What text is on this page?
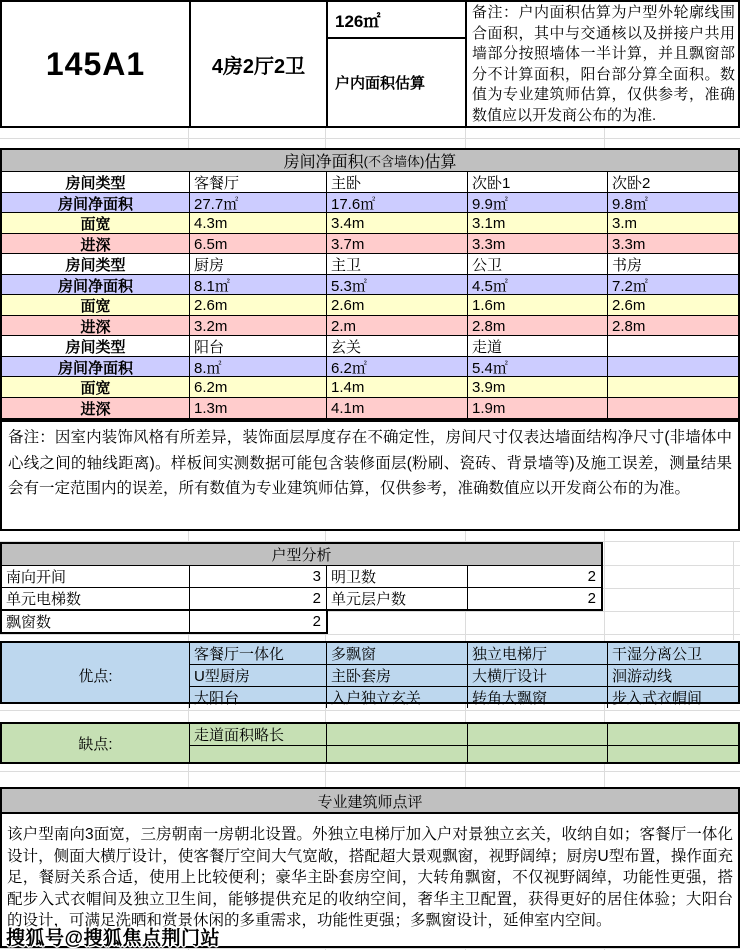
145A1	4房2厅2卫
126㎡
户内面积估算
备注：户内面积估算为户型外轮廓线围合面积，其中与交通核以及拼接户共用墙部分按照墙体一半计算，并且飘窗部分不计算面积，阳台部分算全面积。数值为专业建筑师估算，仅供参考，准确数值应以开发商公布的为准.
房间净面积 (不含墙体) 估算
房间类型	客餐厅	主卧	次卧1	次卧2
房间净面积	27.7㎡	17.6㎡	9.9㎡	9.8㎡
面宽	4.3m	3.4m	3.1m	3.m
进深	6.5m	3.7m	3.3m	3.3m
房间类型	厨房	主卫	公卫	书房
房间净面积	8.1㎡	5.3㎡	4.5㎡	7.2㎡
面宽	2.6m	2.6m	1.6m	2.6m
进深	3.2m	2.m	2.8m	2.8m
房间类型	阳台	玄关	走道
房间净面积	8.㎡	6.2㎡	5.4㎡
面宽	6.2m	1.4m	3.9m
进深	1.3m	4.1m	1.9m
备注：因室内装饰风格有所差异，装饰面层厚度存在不确定性，房间尺寸仅表达墙面结构净尺寸(非墙体中心线之间的轴线距离)。样板间实测数据可能包含装修面层(粉刷、瓷砖、背景墙等)及施工误差，测量结果会有一定范围内的误差，所有数值为专业建筑师估算，仅供参考，准确数值应以开发商公布的为准。
户型分析
南向开间	3 明卫数	2
单元电梯数	2 单元层户数	2
飘窗数	2
优点:
客餐厅一体化	多飘窗	独立电梯厅	干湿分离公卫
U型厨房	主卧套房	大横厅设计	洄游动线
大阳台	入户独立玄关	转角大飘窗	步入式衣帽间
缺点:	走道面积略长
专业建筑师点评
该户型南向3面宽，三房朝南一房朝北设置。外独立电梯厅加入户对景独立玄关，收纳自如；客餐厅一体化设计，侧面大横厅设计，使客餐厅空间大气宽敞，搭配超大景观飘窗，视野阔绰；厨房U型布置，操作面充足，餐厨关系合适，使用上比较便利；豪华主卧套房空间，大转角飘窗，不仅视野阔绰，功能性更强，搭配步入式衣帽间及独立卫生间，能够提供充足的收纳空间，奢华主卫配置，获得更好的居住体验；大阳台的设计，可满足洗晒和赏景休闲的多重需求，功能性更强；多飘窗设计，延伸室内空间。
搜狐号@搜狐焦点荆门站
